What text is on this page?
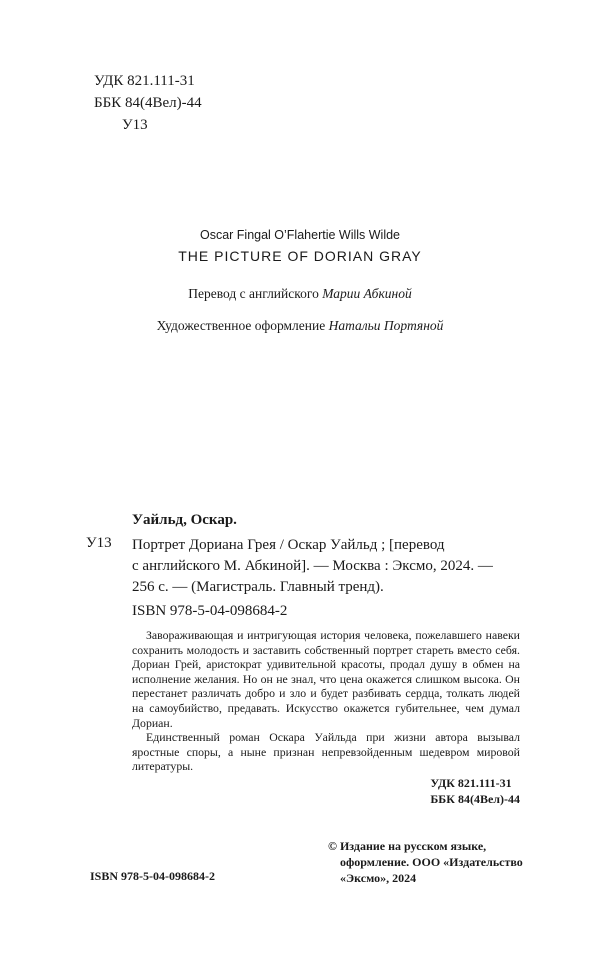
УДК 821.111-31
ББК 84(4Вел)-44
У13
Oscar Fingal O’Flahertie Wills Wilde
THE PICTURE OF DORIAN GRAY
Перевод с английского Марии Абкиной
Художественное оформление Натальи Портяной
Уайльд, Оскар.
У13 Портрет Дориана Грея / Оскар Уайльд ; [перевод
с английского М. Абкиной]. — Москва : Эксмо, 2024. —
256 с. — (Магистраль. Главный тренд).
ISBN 978-5-04-098684-2

Завораживающая и интригующая история человека, пожелавшего навеки сохранить молодость и заставить собственный портрет стареть вместо себя. Дориан Грей, аристократ удивительной красоты, продал душу в обмен на исполнение желания. Но он не знал, что цена окажется слишком высока. Он перестанет различать добро и зло и будет разбивать сердца, толкать людей на самоубийство, предавать. Искусство окажется губительнее, чем думал Дориан.

Единственный роман Оскара Уайльда при жизни автора вызывал яростные споры, а ныне признан непревзойденным шедевром мировой литературы.

УДК 821.111-31
ББК 84(4Вел)-44
© Издание на русском языке,
оформление. ООО «Издательство
«Эксмо», 2024
ISBN 978-5-04-098684-2
